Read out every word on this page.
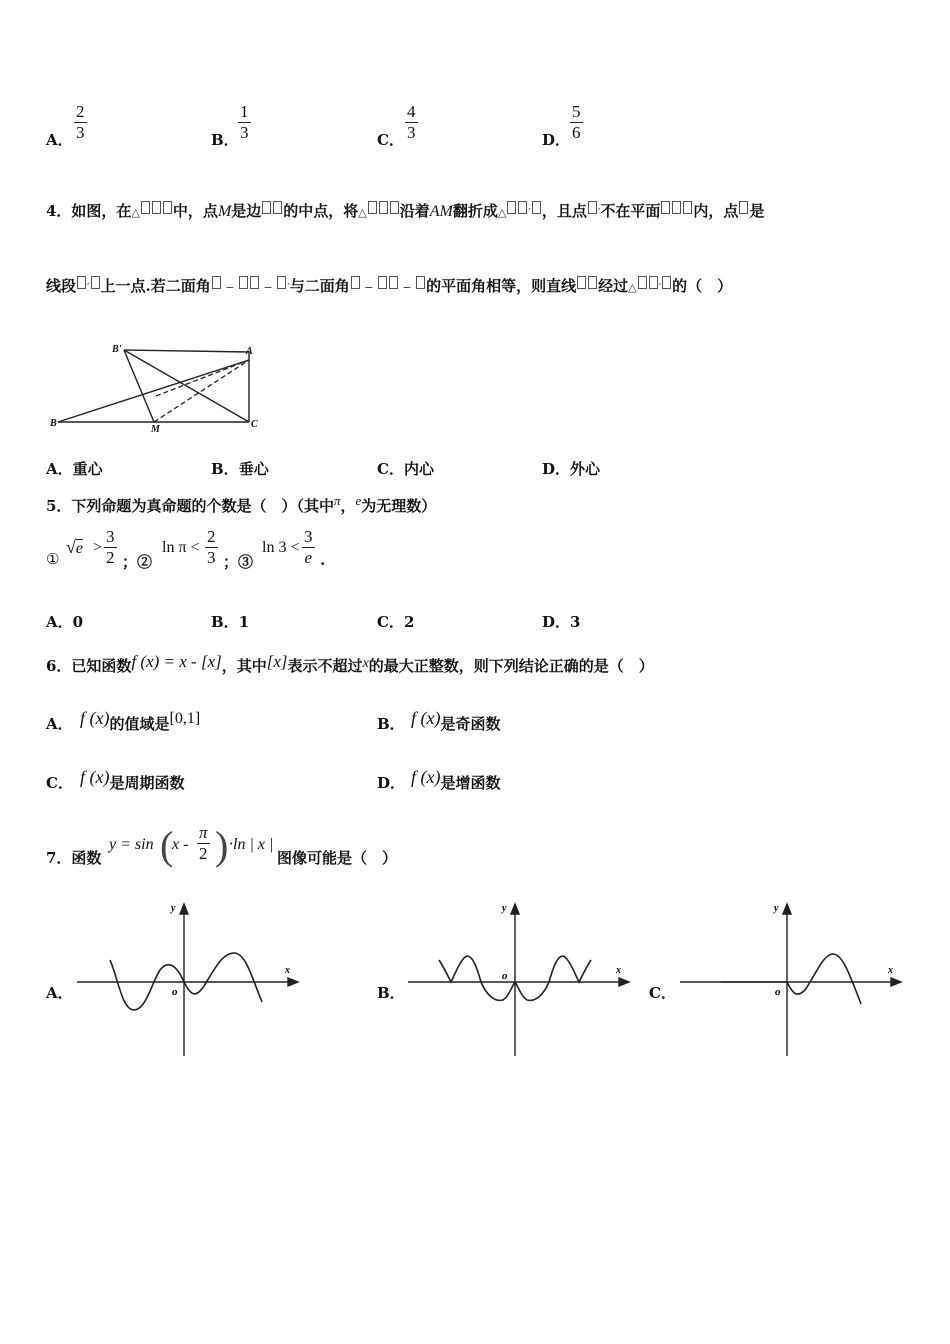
A． $\frac{2}{3}$	B． $\frac{1}{3}$	C． $\frac{4}{3}$	D． $\frac{5}{6}$
4．如图，在△ 中，点M是边 的中点，将△ 沿着AM翻折成△ ′ ，且点 ′不在平面 内，点 是
线段 ′ 上一点.若二面角 −  − ′与二面角 −  − 的平面角相等，则直线 经过△ ′ 的（　）
B'	A
B
M	C
A．重心	B．垂心	C．内心	D．外心
5．下列命题为真命题的个数是（　）（其中π，e为无理数）
①
$√e > \frac{3}{2}$ ；②
$\ln \pi < \frac{2}{3}$ ；③
$\ln 3 < \frac{3}{e}$ .
A．0	B．1	C．2	D．3
6．已知函数f (x) = x - [x]，其中[x]表示不超过x的最大正整数，则下列结论正确的是（　）
A． f (x)的值域是[0,1]	B． f (x)是奇函数
C． f (x)是周期函数	D． f (x)是增函数
7．函数
y = sin (
x - $\frac{\pi}{2}$ ) ·ln | x |
图像可能是（　）
A．
y
x
o	B．
y
x
o
C．
y
x
o
